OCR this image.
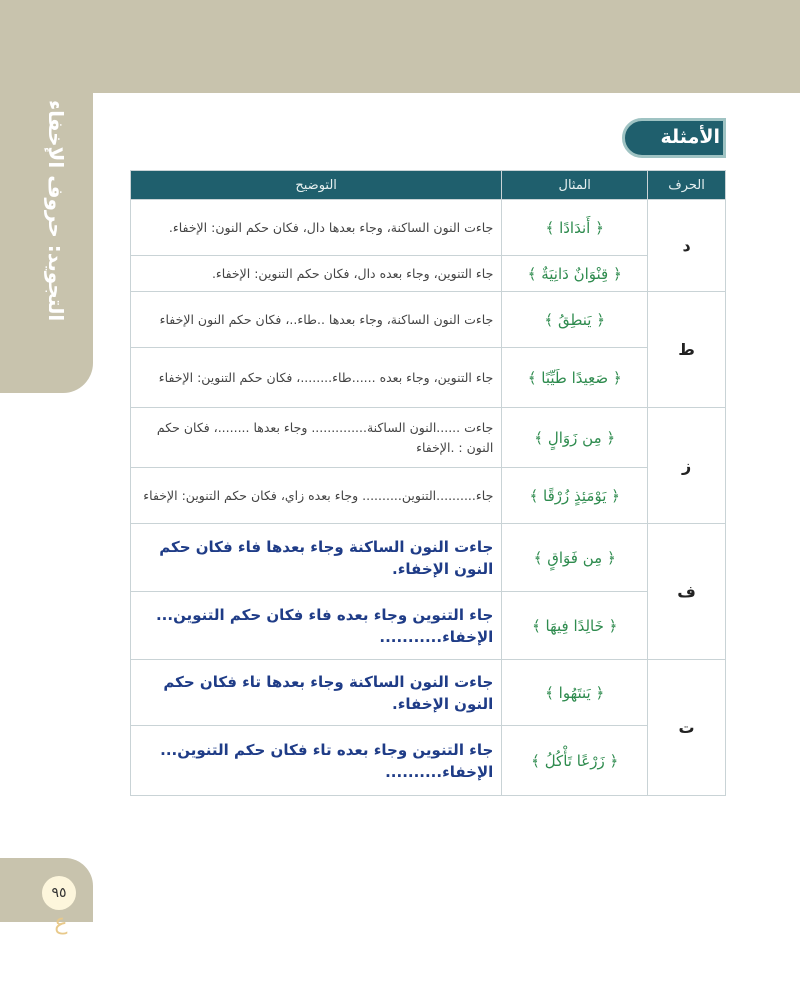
التجويد: حروف الإخفاء	الأمثلة
الحرف	المثال	التوضيح
د	﴿ أَندَادًا ﴾	جاءت النون الساكنة، وجاء بعدها دال، فكان حكم النون: الإخفاء.
	﴿ قِنْوَانٌ دَانِيَةٌ ﴾	جاء التنوين، وجاء بعده دال، فكان حكم التنوين: الإخفاء.
ط	﴿ يَنطِقُ ﴾	جاءت النون الساكنة، وجاء بعدها ..طاء..، فكان حكم النون الإخفاء
	﴿ صَعِيدًا طَيِّبًا ﴾	جاء التنوين، وجاء بعده ......طاء........، فكان حكم التنوين: الإخفاء
ز	﴿ مِن زَوَالٍ ﴾	جاءت ......النون الساكنة.............. وجاء بعدها ........، فكان حكم النون : .الإخفاء
	﴿ يَوْمَئِذٍ زُرْقًا ﴾	جاء..........التنوين.......... وجاء بعده زاي، فكان حكم التنوين: الإخفاء
ف	﴿ مِن فَوَاقٍ ﴾	جاءت النون الساكنة وجاء بعدها فاء فكان حكم النون الإخفاء.
	﴿ خَالِدًا فِيهَا ﴾	جاء التنوين وجاء بعده فاء فكان حكم التنوين... الإخفاء...........
ت	﴿ يَنتَهُوا ﴾	جاءت النون الساكنة وجاء بعدها تاء فكان حكم النون الإخفاء.
	﴿ زَرْعًا تَأْكُلُ ﴾	جاء التنوين وجاء بعده تاء فكان حكم التنوين... الإخفاء..........
٩٥
ع
